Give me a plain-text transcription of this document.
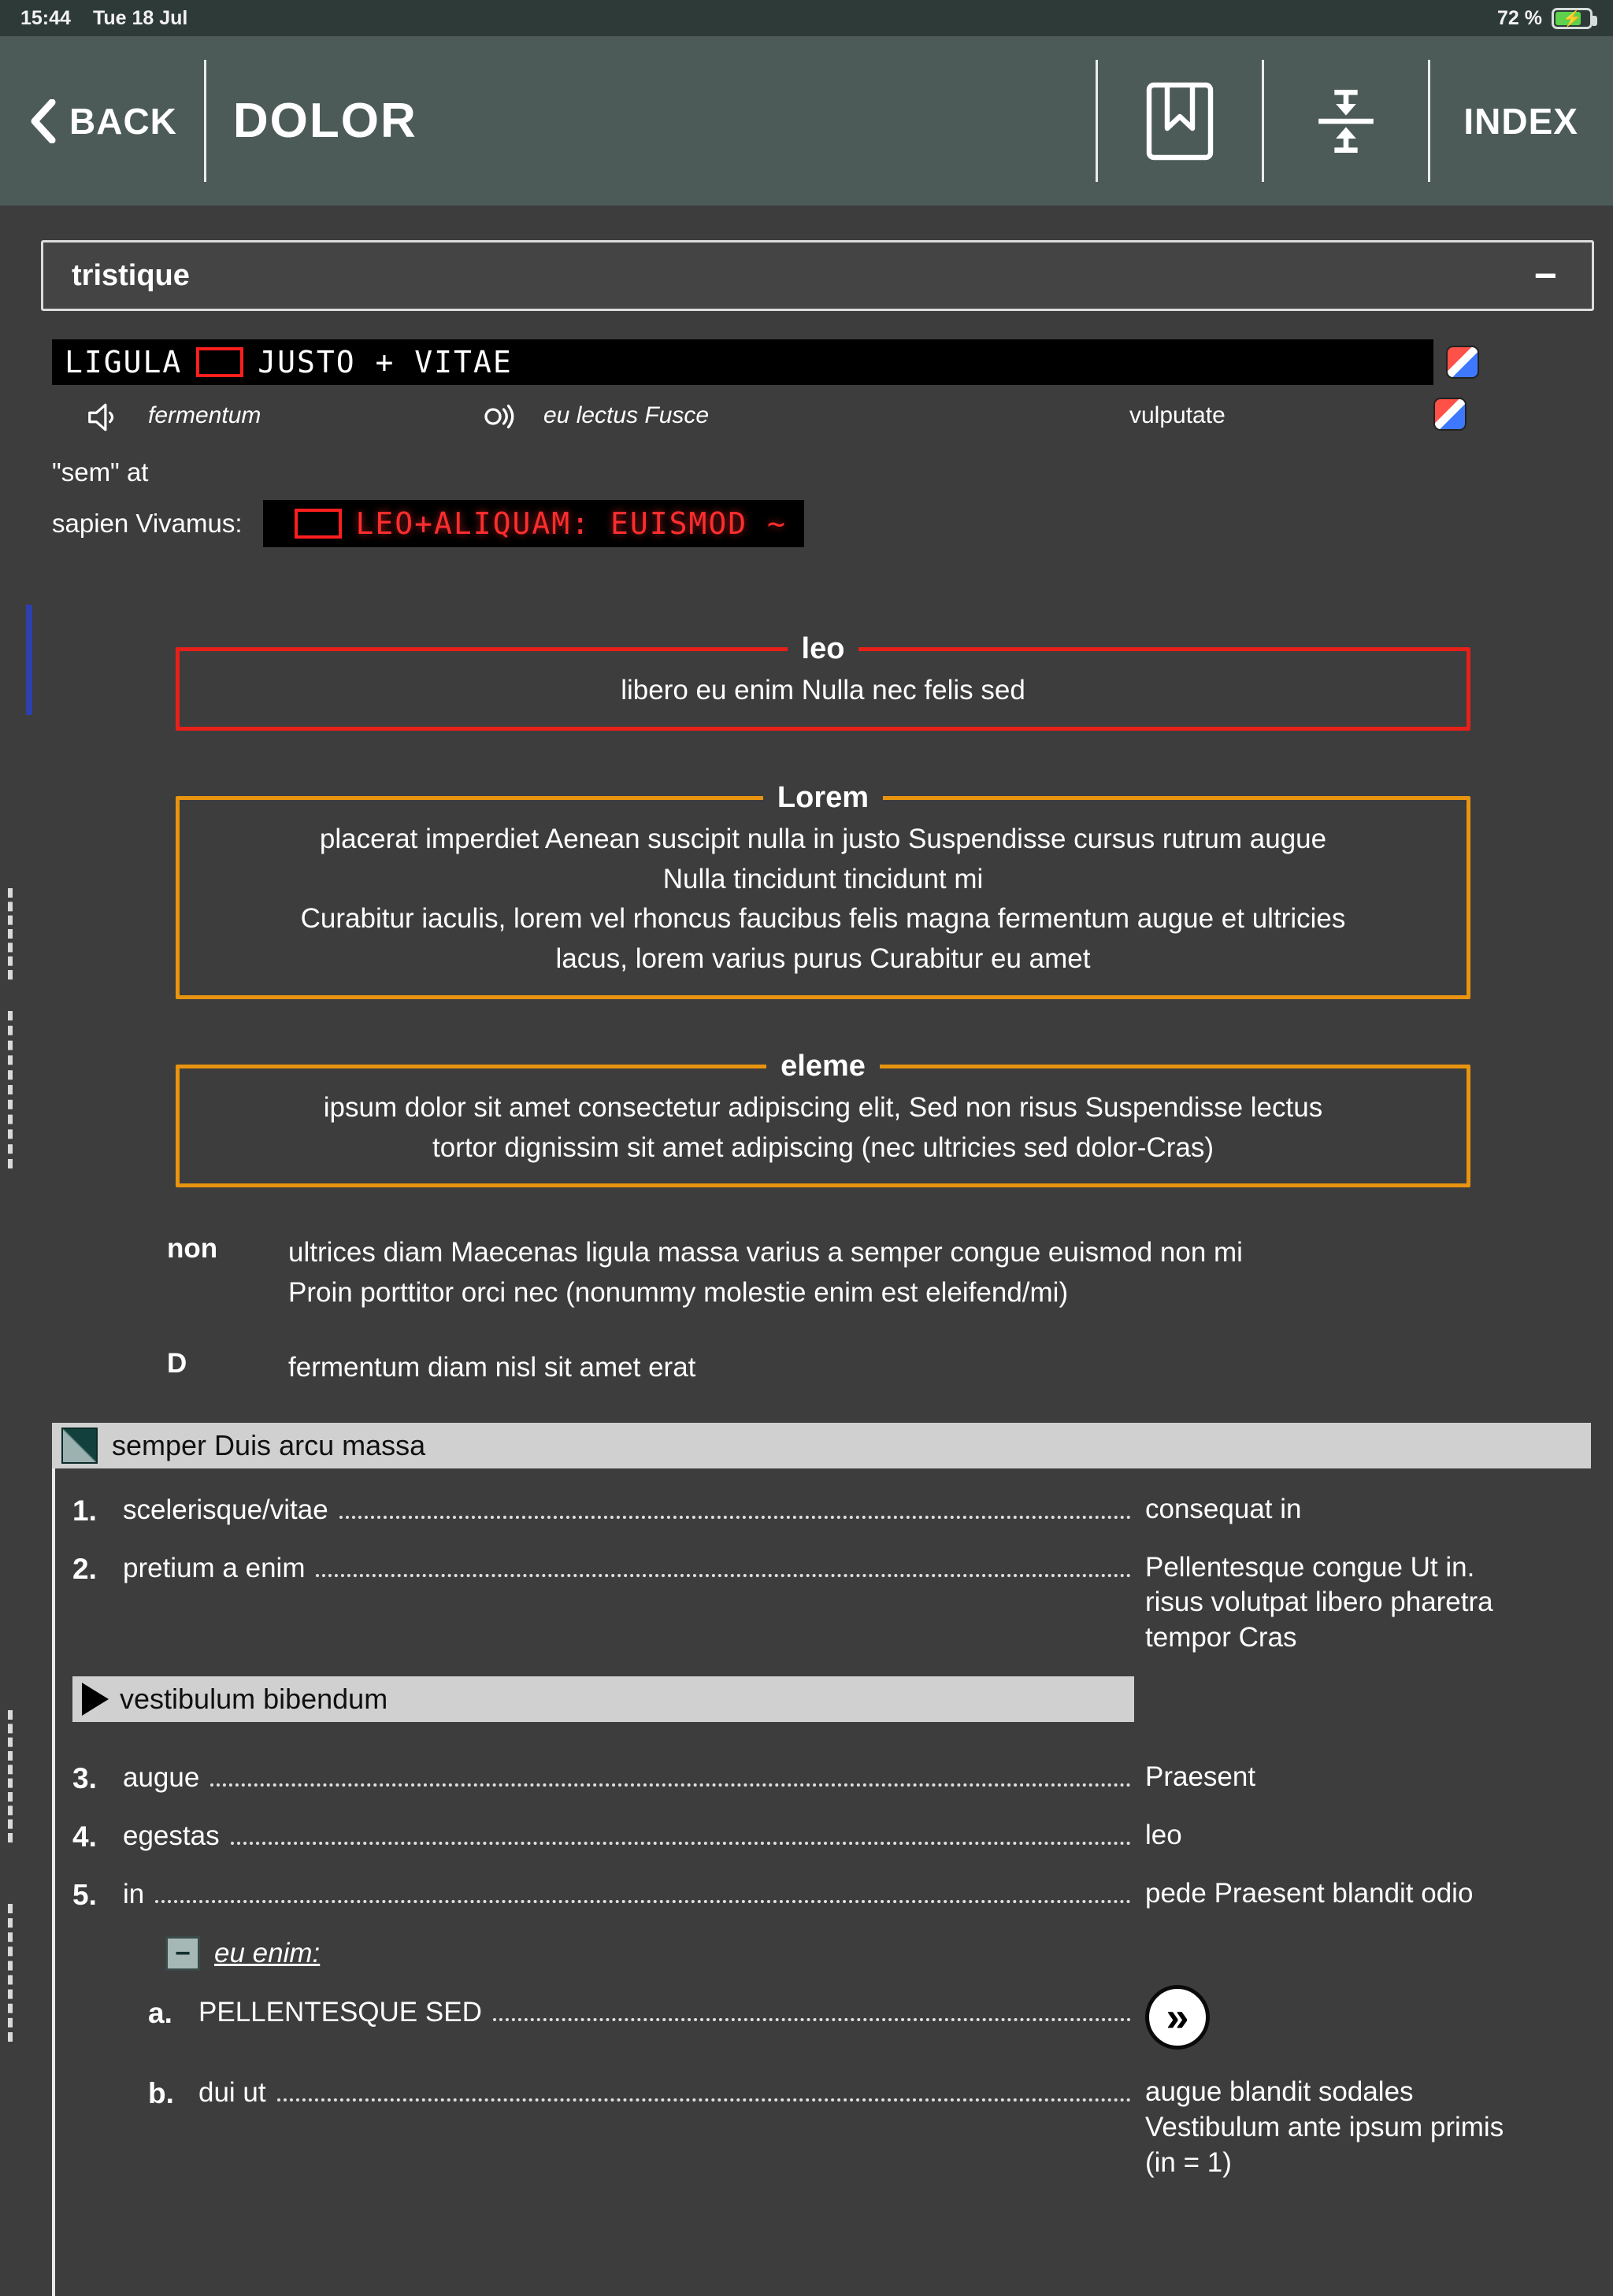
15:44 Tue 18 Jul	72 %	⚡
BACK DOLOR	INDEX
tristique	−
LIGULA	JUSTO + VITAE
fermentum	eu lectus Fusce	vulputate
"sem" at
sapien Vivamus:	LEO+ALIQUAM: EUISMOD ~
leo
libero eu enim Nulla nec felis sed
Lorem
placerat imperdiet Aenean suscipit nulla in justo Suspendisse cursus rutrum augue
Nulla tincidunt tincidunt mi
Curabitur iaculis, lorem vel rhoncus faucibus felis magna fermentum augue et ultricies
lacus, lorem varius purus Curabitur eu amet
eleme
ipsum dolor sit amet consectetur adipiscing elit, Sed non risus Suspendisse lectus
tortor dignissim sit amet adipiscing (nec ultricies sed dolor-Cras)
non	ultrices diam Maecenas ligula massa varius a semper congue euismod non mi Proin porttitor orci nec (nonummy molestie enim est eleifend/mi)
D	fermentum diam nisl sit amet erat
semper Duis arcu massa
1. scelerisque/vitae	consequat in
2. pretium a enim	Pellentesque congue Ut in. risus volutpat libero pharetra tempor Cras
vestibulum bibendum
3. augue	Praesent
4. egestas	leo
5. in	pede Praesent blandit odio
− eu enim:
a. PELLENTESQUE SED	»
b. dui ut	augue blandit sodales Vestibulum ante ipsum primis (in = 1)
